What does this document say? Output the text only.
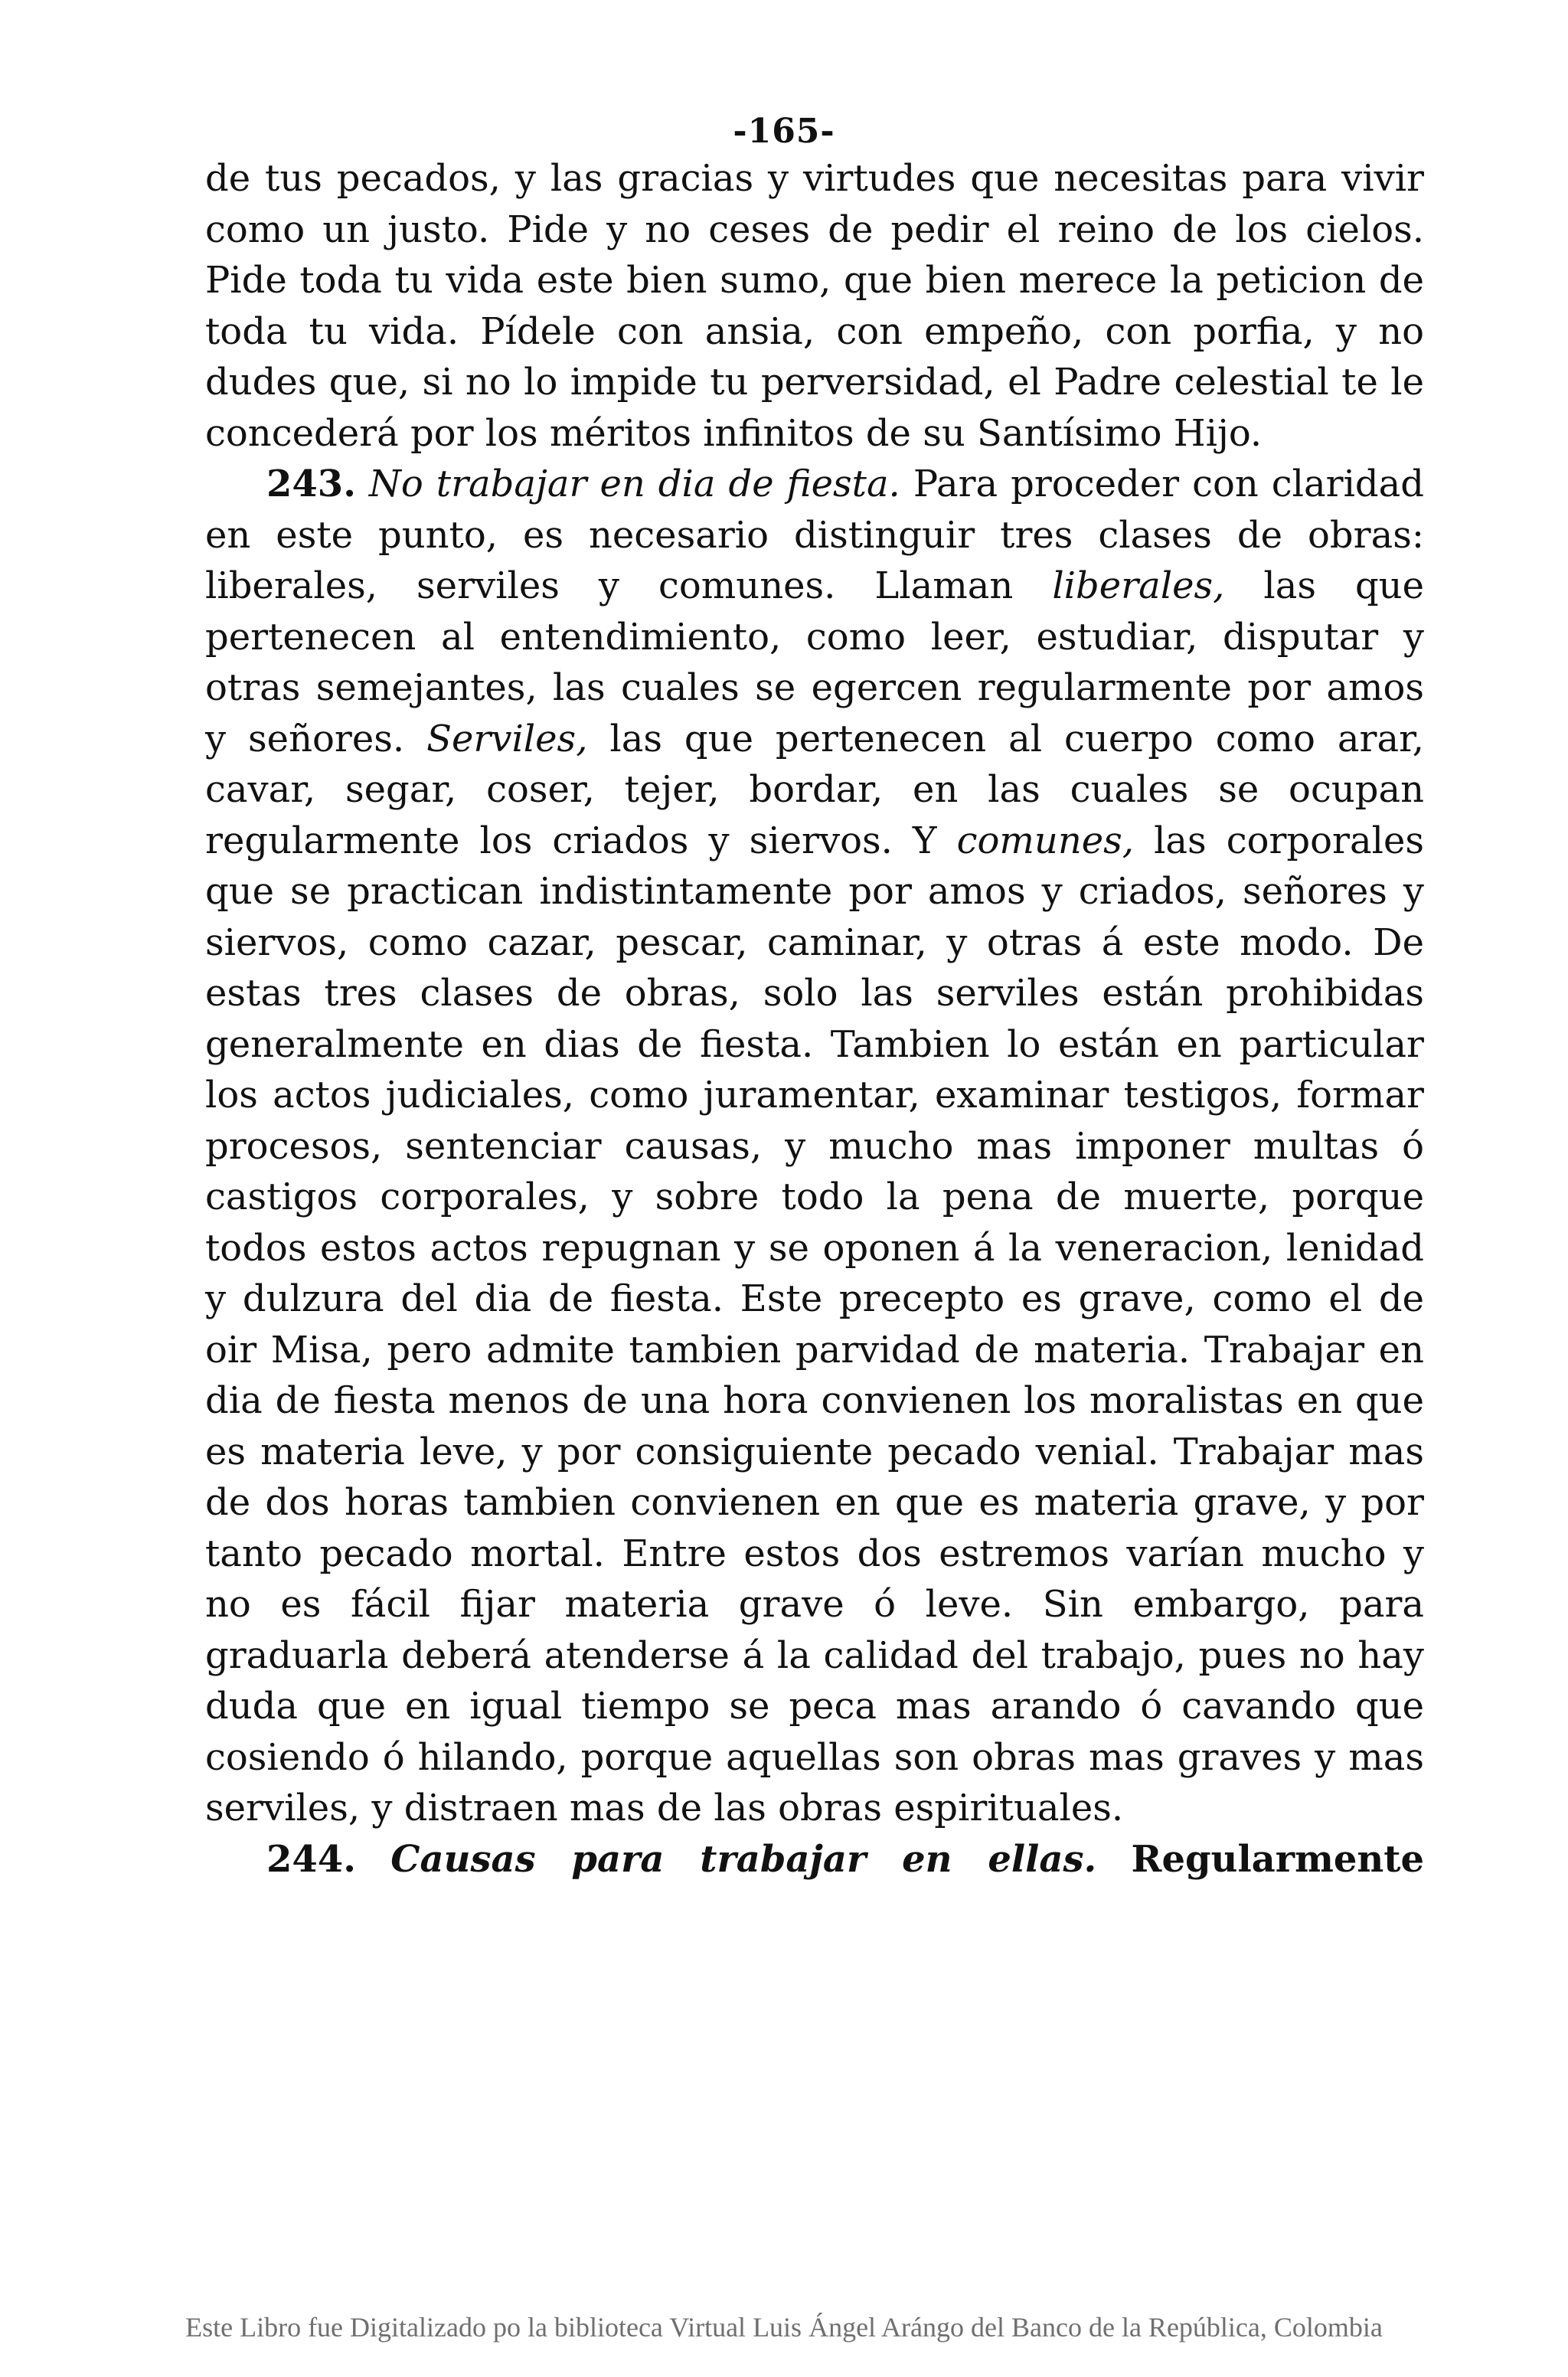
-165-

de tus pecados, y las gracias y virtudes que necesitas para vivir como un justo. Pide y no ceses de pedir el reino de los cielos. Pide toda tu vida este bien sumo, que bien merece la peticion de toda tu vida. Pídele con ansia, con empeño, con porfia, y no dudes que, si no lo impide tu perversidad, el Padre celestial te le concederá por los méritos infinitos de su Santísimo Hijo.

243. No trabajar en dia de fiesta. Para proceder con claridad en este punto, es necesario distinguir tres clases de obras: liberales, serviles y comunes. Llaman liberales, las que pertenecen al entendimiento, como leer, estudiar, disputar y otras semejantes, las cuales se egercen regularmente por amos y señores. Serviles, las que pertenecen al cuerpo como arar, cavar, segar, coser, tejer, bordar, en las cuales se ocupan regularmente los criados y siervos. Y comunes, las corporales que se practican indistintamente por amos y criados, señores y siervos, como cazar, pescar, caminar, y otras á este modo. De estas tres clases de obras, solo las serviles están prohibidas generalmente en dias de fiesta. Tambien lo están en particular los actos judiciales, como juramentar, examinar testigos, formar procesos, sentenciar causas, y mucho mas imponer multas ó castigos corporales, y sobre todo la pena de muerte, porque todos estos actos repugnan y se oponen á la veneracion, lenidad y dulzura del dia de fiesta. Este precepto es grave, como el de oir Misa, pero admite tambien parvidad de materia. Trabajar en dia de fiesta menos de una hora convienen los moralistas en que es materia leve, y por consiguiente pecado venial. Trabajar mas de dos horas tambien convienen en que es materia grave, y por tanto pecado mortal. Entre estos dos estremos varían mucho y no es fácil fijar materia grave ó leve. Sin embargo, para graduarla deberá atenderse á la calidad del trabajo, pues no hay duda que en igual tiempo se peca mas arando ó cavando que cosiendo ó hilando, porque aquellas son obras mas graves y mas serviles, y distraen mas de las obras espirituales.

244. Causas para trabajar en ellas. Regularmente

Este Libro fue Digitalizado po la biblioteca Virtual Luis Ángel Arángo del Banco de la República, Colombia
